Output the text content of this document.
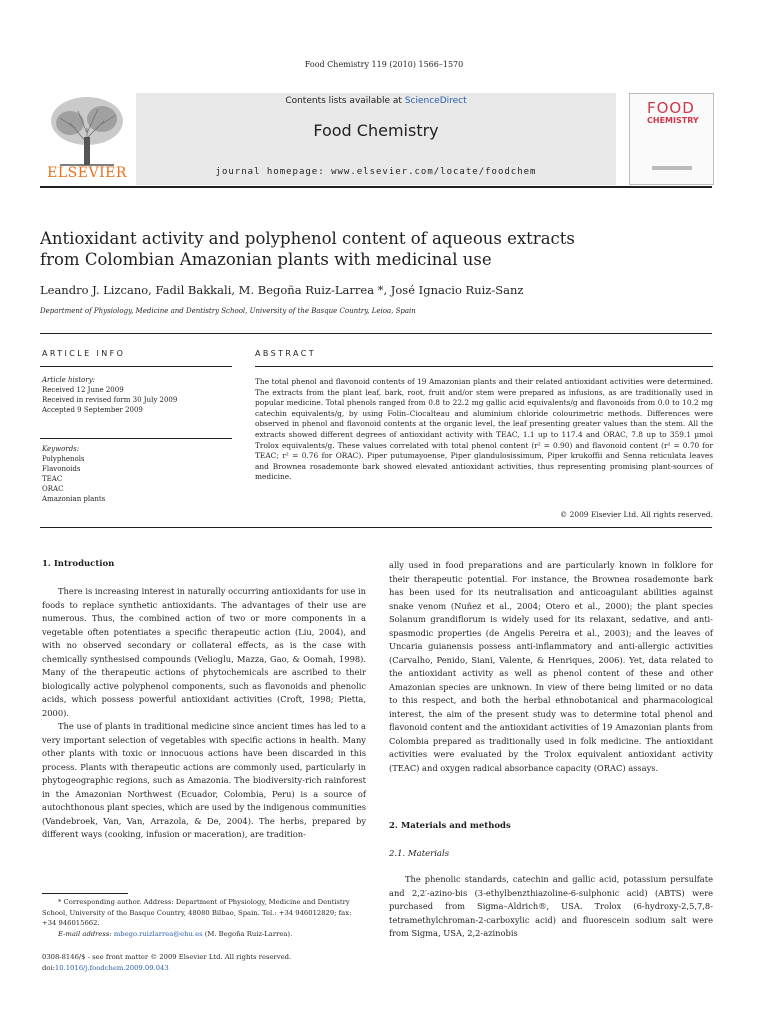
Food Chemistry 119 (2010) 1566–1570
ELSEVIER
Contents lists available at ScienceDirect
Food Chemistry
journal homepage: www.elsevier.com/locate/foodchem
FOOD
CHEMISTRY
Antioxidant activity and polyphenol content of aqueous extracts
from Colombian Amazonian plants with medicinal use
Leandro J. Lizcano, Fadil Bakkali, M. Begoña Ruiz-Larrea *, José Ignacio Ruiz-Sanz
Department of Physiology, Medicine and Dentistry School, University of the Basque Country, Leioa, Spain
ARTICLE INFO
Article history:
Received 12 June 2009
Received in revised form 30 July 2009
Accepted 9 September 2009
Keywords:
Polyphenols
Flavonoids
TEAC
ORAC
Amazonian plants
ABSTRACT
The total phenol and flavonoid contents of 19 Amazonian plants and their related antioxidant activities were determined. The extracts from the plant leaf, bark, root, fruit and/or stem were prepared as infusions, as are traditionally used in popular medicine. Total phenols ranged from 0.8 to 22.2 mg gallic acid equivalents/g and flavonoids from 0.0 to 10.2 mg catechin equivalents/g, by using Folin–Ciocalteau and aluminium chloride colourimetric methods. Differences were observed in phenol and flavonoid contents at the organic level, the leaf presenting greater values than the stem. All the extracts showed different degrees of antioxidant activity with TEAC, 1.1 up to 117.4 and ORAC, 7.8 up to 359.1 µmol Trolox equivalents/g. These values correlated with total phenol content (r² = 0.90) and flavonoid content (r² = 0.70 for TEAC; r² = 0.76 for ORAC). Piper putumayoense, Piper glandulosissimum, Piper krukoffii and Senna reticulata leaves and Brownea rosademonte bark showed elevated antioxidant activities, thus representing promising plant-sources of medicine.
© 2009 Elsevier Ltd. All rights reserved.
1. Introduction

There is increasing interest in naturally occurring antioxidants for use in foods to replace synthetic antioxidants. The advantages of their use are numerous. Thus, the combined action of two or more components in a vegetable often potentiates a specific therapeutic action (Liu, 2004), and with no observed secondary or collateral effects, as is the case with chemically synthesised compounds (Velioglu, Mazza, Gao, & Oomah, 1998). Many of the therapeutic actions of phytochemicals are ascribed to their biologically active polyphenol components, such as flavonoids and phenolic acids, which possess powerful antioxidant activities (Croft, 1998; Pietta, 2000).

The use of plants in traditional medicine since ancient times has led to a very important selection of vegetables with specific actions in health. Many other plants with toxic or innocuous actions have been discarded in this process. Plants with therapeutic actions are commonly used, particularly in phytogeographic regions, such as Amazonia. The biodiversity-rich rainforest in the Amazonian Northwest (Ecuador, Colombia, Peru) is a source of autochthonous plant species, which are used by the indigenous communities (Vandebroek, Van, Van, Arrazola, & De, 2004). The herbs, prepared by different ways (cooking, infusion or maceration), are tradition-

* Corresponding author. Address: Department of Physiology, Medicine and Dentistry School, University of the Basque Country, 48080 Bilbao, Spain. Tel.: +34 946012829; fax: +34 946015662.

E-mail address: mbego.ruizlarrea@ehu.es (M. Begoña Ruiz-Larrea).

0308-8146/$ - see front matter © 2009 Elsevier Ltd. All rights reserved.
doi:10.1016/j.foodchem.2009.09.043

ally used in food preparations and are particularly known in folklore for their therapeutic potential. For instance, the Brownea rosademonte bark has been used for its neutralisation and anticoagulant abilities against snake venom (Nuñez et al., 2004; Otero et al., 2000); the plant species Solanum grandiflorum is widely used for its relaxant, sedative, and anti-spasmodic properties (de Angelis Pereira et al., 2003); and the leaves of Uncaria guianensis possess anti-inflammatory and anti-allergic activities (Carvalho, Penido, Siani, Valente, & Henriques, 2006). Yet, data related to the antioxidant activity as well as phenol content of these and other Amazonian species are unknown. In view of there being limited or no data to this respect, and both the herbal ethnobotanical and pharmacological interest, the aim of the present study was to determine total phenol and flavonoid content and the antioxidant activities of 19 Amazonian plants from Colombia prepared as traditionally used in folk medicine. The antioxidant activities were evaluated by the Trolox equivalent antioxidant activity (TEAC) and oxygen radical absorbance capacity (ORAC) assays.

2. Materials and methods
2.1. Materials

The phenolic standards, catechin and gallic acid, potassium persulfate and 2,2′-azino-bis (3-ethylbenzthiazoline-6-sulphonic acid) (ABTS) were purchased from Sigma–Aldrich®, USA. Trolox (6-hydroxy-2,5,7,8-tetramethylchroman-2-carboxylic acid) and fluorescein sodium salt were from Sigma, USA, 2,2-azinobis
